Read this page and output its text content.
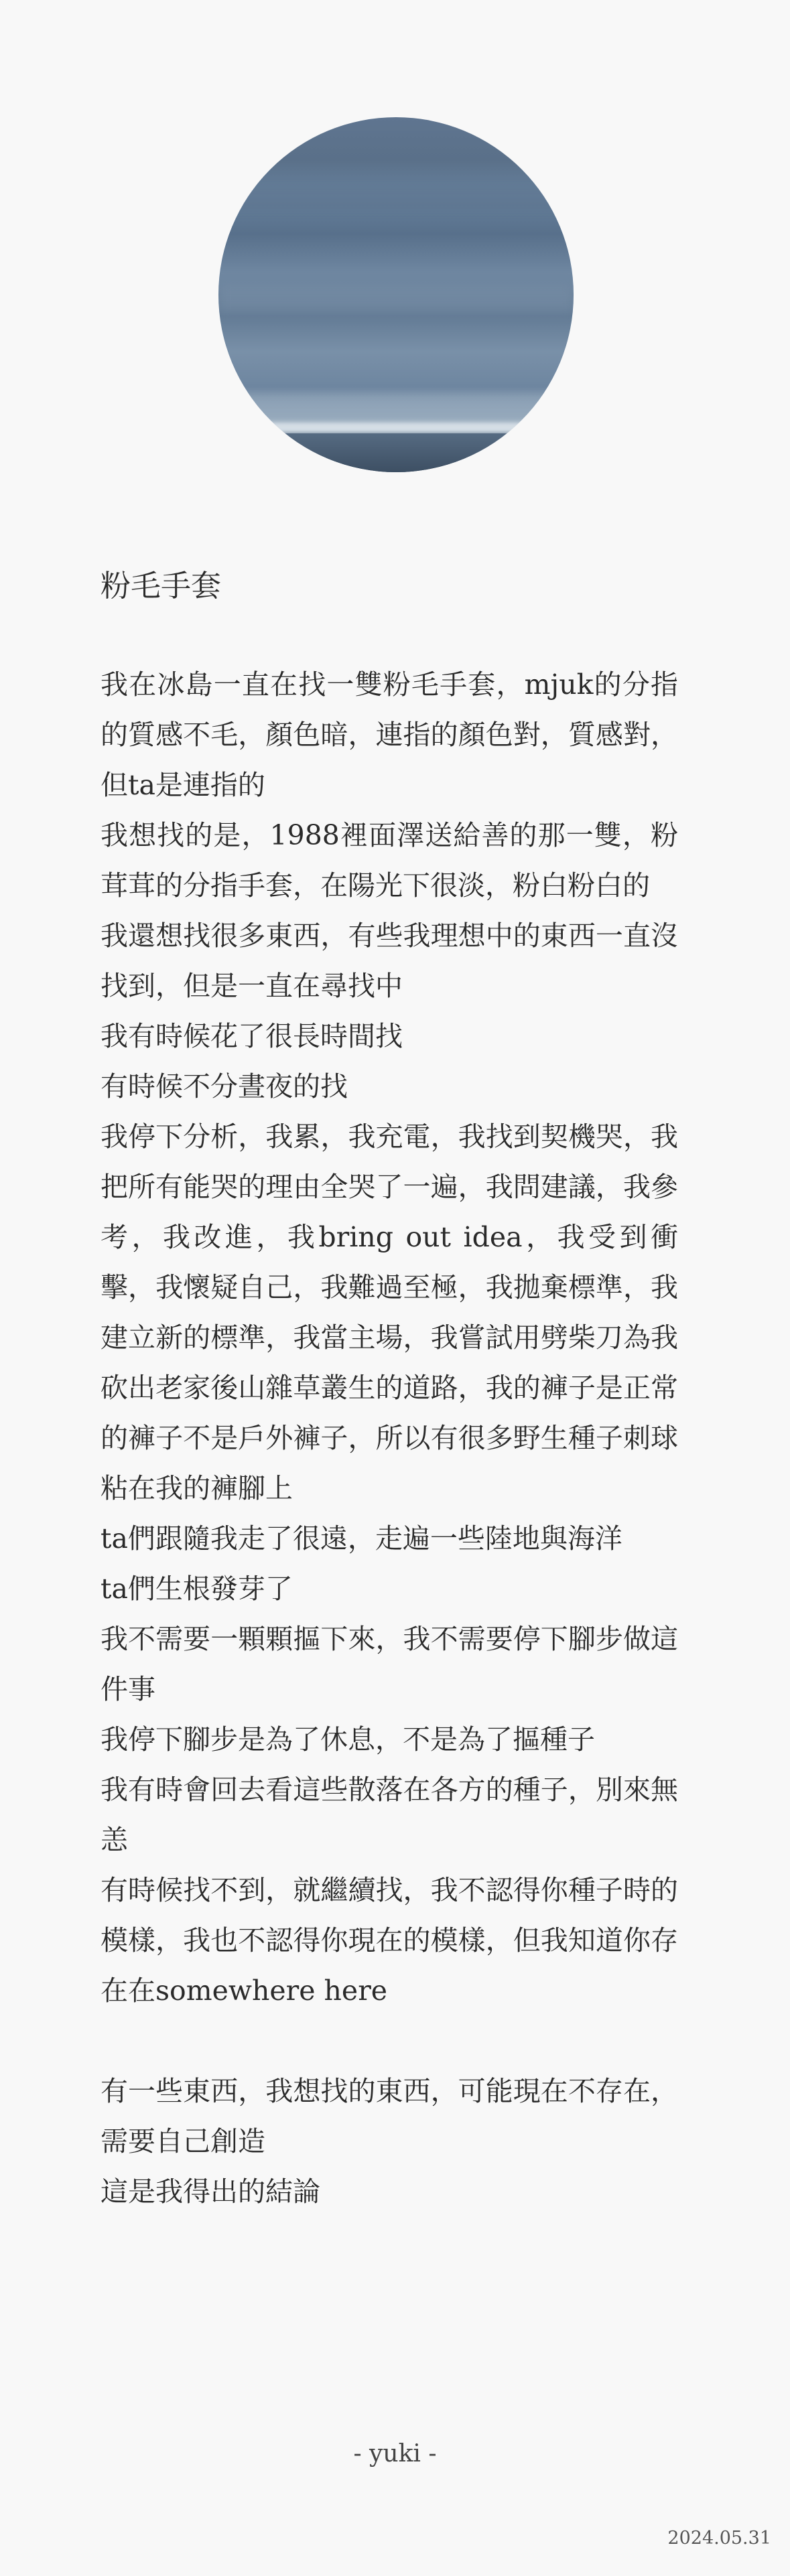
粉毛手套

我在冰島一直在找一雙粉毛手套，mjuk的分指的質感不毛，顏色暗，連指的顏色對，質感對，但ta是連指的

我想找的是，1988裡面澤送給善的那一雙，粉茸茸的分指手套，在陽光下很淡，粉白粉白的

我還想找很多東西，有些我理想中的東西一直沒找到，但是一直在尋找中

我有時候花了很長時間找

有時候不分晝夜的找

我停下分析，我累，我充電，我找到契機哭，我把所有能哭的理由全哭了一遍，我問建議，我參考，我改進，我bring out idea，我受到衝擊，我懷疑自己，我難過至極，我拋棄標準，我建立新的標準，我當主場，我嘗試用劈柴刀為我砍出老家後山雜草叢生的道路，我的褲子是正常的褲子不是戶外褲子，所以有很多野生種子刺球粘在我的褲腳上

ta們跟隨我走了很遠，走遍一些陸地與海洋

ta們生根發芽了

我不需要一顆顆摳下來，我不需要停下腳步做這件事

我停下腳步是為了休息，不是為了摳種子

我有時會回去看這些散落在各方的種子，別來無恙

有時候找不到，就繼續找，我不認得你種子時的模樣，我也不認得你現在的模樣，但我知道你存在在somewhere here

有一些東西，我想找的東西，可能現在不存在，需要自己創造

這是我得出的結論

- yuki -
2024.05.31
